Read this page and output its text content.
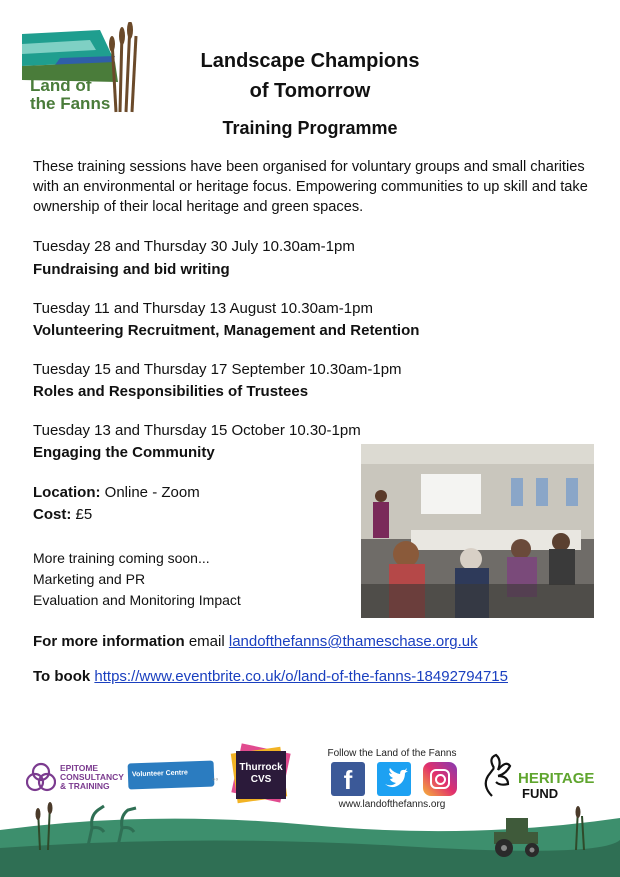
Land of
the Fanns
Landscape Champions
of Tomorrow
Training Programme
These training sessions have been organised for voluntary groups and small charities with an environmental or heritage focus. Empowering communities to up skill and take ownership of their local heritage and green spaces.
Tuesday 28 and Thursday 30 July 10.30am-1pm
Fundraising and bid writing
Tuesday 11 and Thursday 13 August 10.30am-1pm
Volunteering Recruitment, Management and Retention
Tuesday 15 and Thursday 17 September 10.30am-1pm
Roles and Responsibilities of Trustees
Tuesday 13 and Thursday 15 October 10.30-1pm
Engaging the Community
Location: Online - Zoom
Cost: £5
More training coming soon...
Marketing and PR
Evaluation and Monitoring Impact
For more information email landofthefanns@thameschase.org.uk
To book https://www.eventbrite.co.uk/o/land-of-the-fanns-18492794715
EPITOME
CONSULTANCY
& TRAINING
Volunteer Centre
◦◦
Thurrock
CVS
Follow the Land of the Fanns
f
www.landofthefanns.org
HERITAGE
FUND
